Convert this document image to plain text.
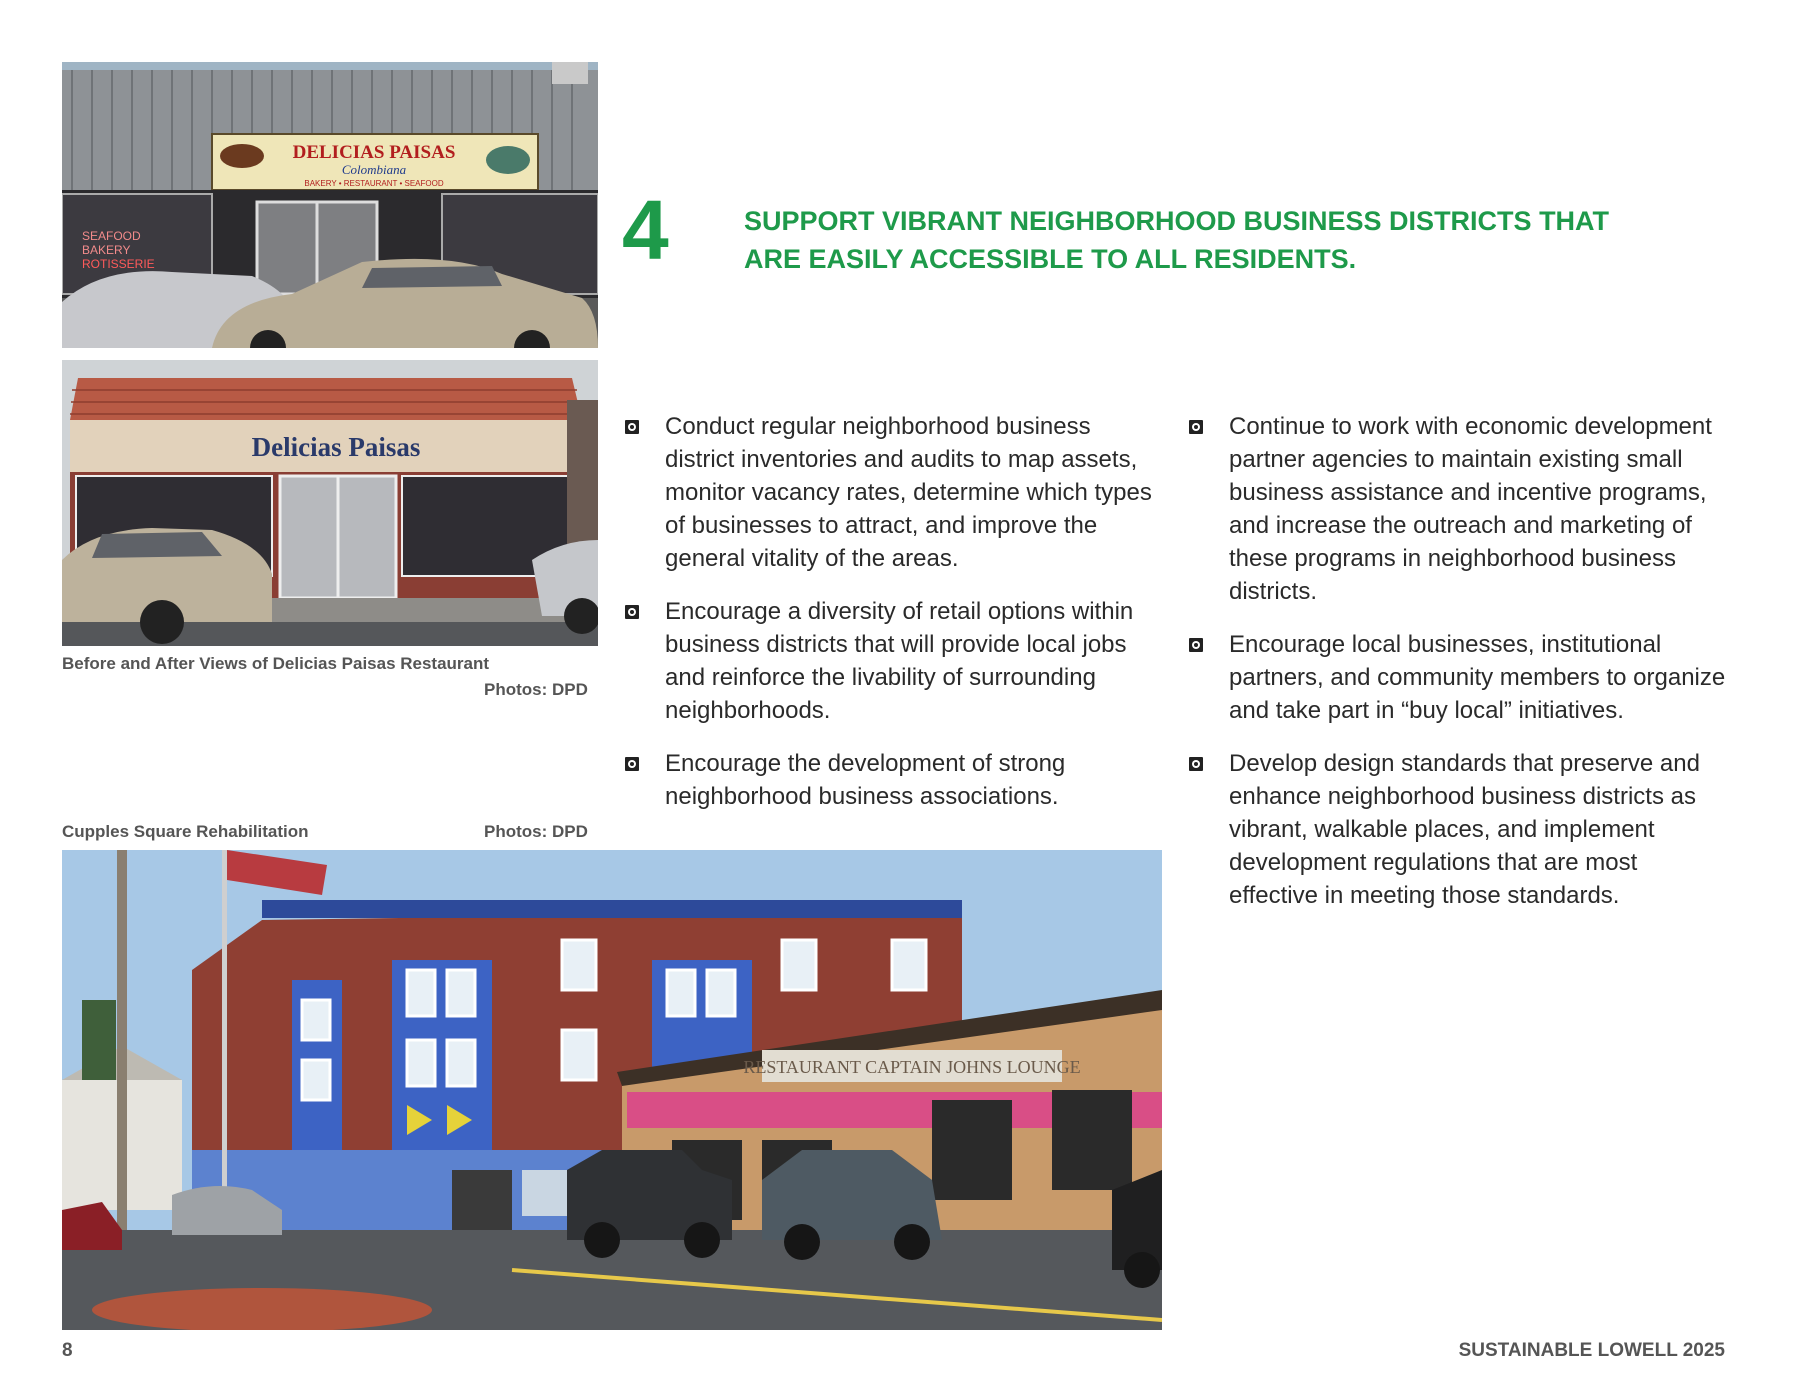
DELICIAS PAISAS
Colombiana
BAKERY • RESTAURANT • SEAFOOD
SEAFOOD
BAKERY
ROTISSERIE
Delicias Paisas
Before and After Views of Delicias Paisas Restaurant
Photos: DPD
4	SUPPORT VIBRANT NEIGHBORHOOD BUSINESS DISTRICTS THAT
ARE EASILY ACCESSIBLE TO ALL RESIDENTS.
Conduct regular neighborhood business district inventories and audits to map assets, monitor vacancy rates, determine which types of businesses to attract, and improve the general vitality of the areas.
Encourage a diversity of retail options within business districts that will provide local jobs and reinforce the livability of surrounding neighborhoods.
Encourage the development of strong neighborhood business associations.
Continue to work with economic development partner agencies to maintain existing small business assistance and incentive programs, and increase the outreach and marketing of these programs in neighborhood business districts.
Encourage local businesses, institutional partners, and community members to organize and take part in “buy local” initiatives.
Develop design standards that preserve and enhance neighborhood business districts as vibrant, walkable places, and implement development regulations that are most effective in meeting those standards.
Cupples Square Rehabilitation	Photos: DPD
RESTAURANT CAPTAIN JOHNS LOUNGE
8	SUSTAINABLE LOWELL 2025
